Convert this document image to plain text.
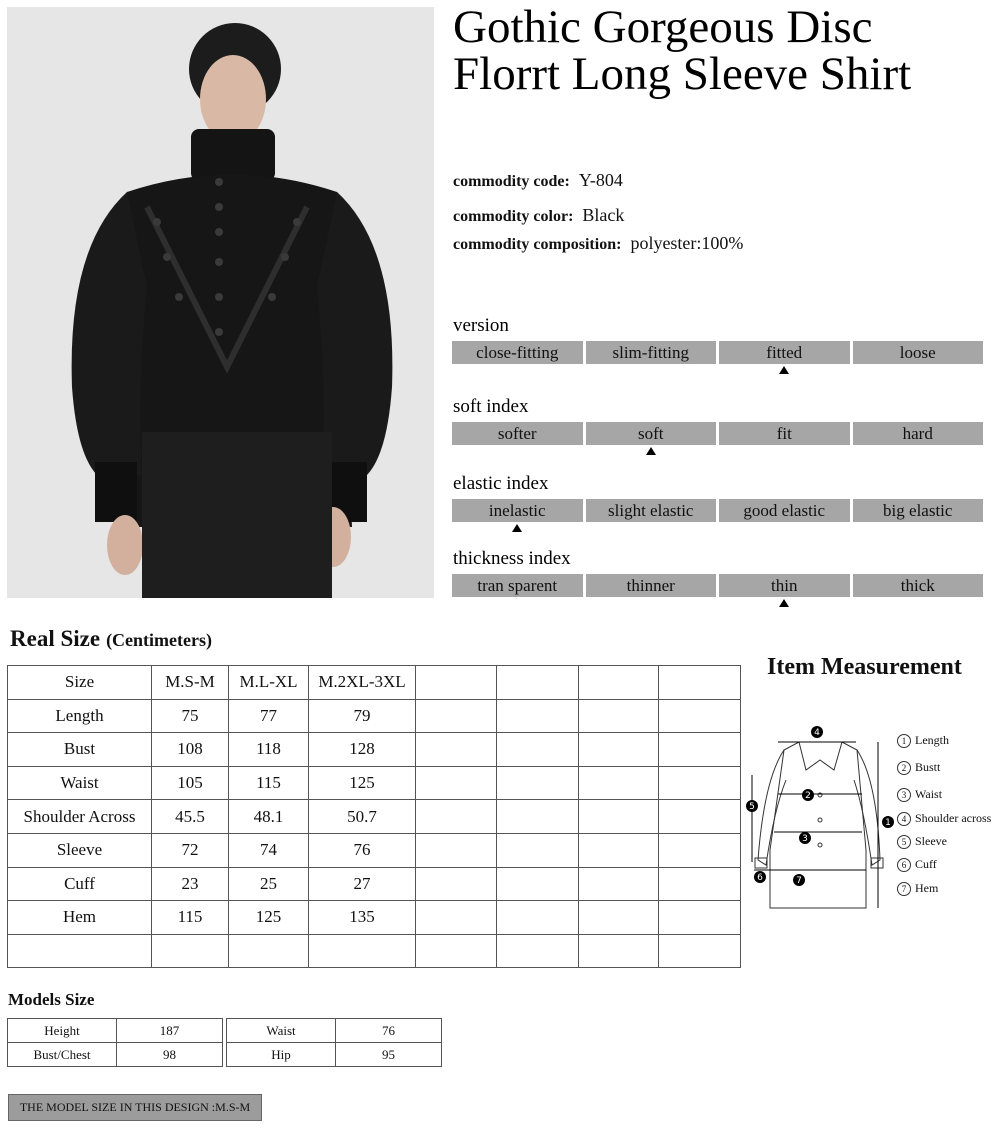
Gothic Gorgeous Disc
Florrt Long Sleeve Shirt
commodity code: Y-804
commodity color: Black
commodity composition: polyester:100%
version
close-fitting	slim-fitting	fitted	loose
soft index
softer	soft	fit	hard
elastic index
inelastic	slight elastic	good elastic	big elastic
thickness index
tran sparent	thinner	thin	thick
Real Size (Centimeters)
Size	M.S-M	M.L-XL	M.2XL-3XL				
Length	75	77	79				
Bust	108	118	128				
Waist	105	115	125				
Shoulder Across	45.5	48.1	50.7				
Sleeve	72	74	76				
Cuff	23	25	27				
Hem	115	125	135				

Item Measurement
4
2
3
7
5
6
1
1 Length
2 Bustt
3 Waist
4 Shoulder across
5 Sleeve
6 Cuff
7 Hem
Models Size
Height	187
Bust/Chest	98
Waist	76
Hip	95
THE MODEL SIZE IN THIS DESIGN :M.S-M
